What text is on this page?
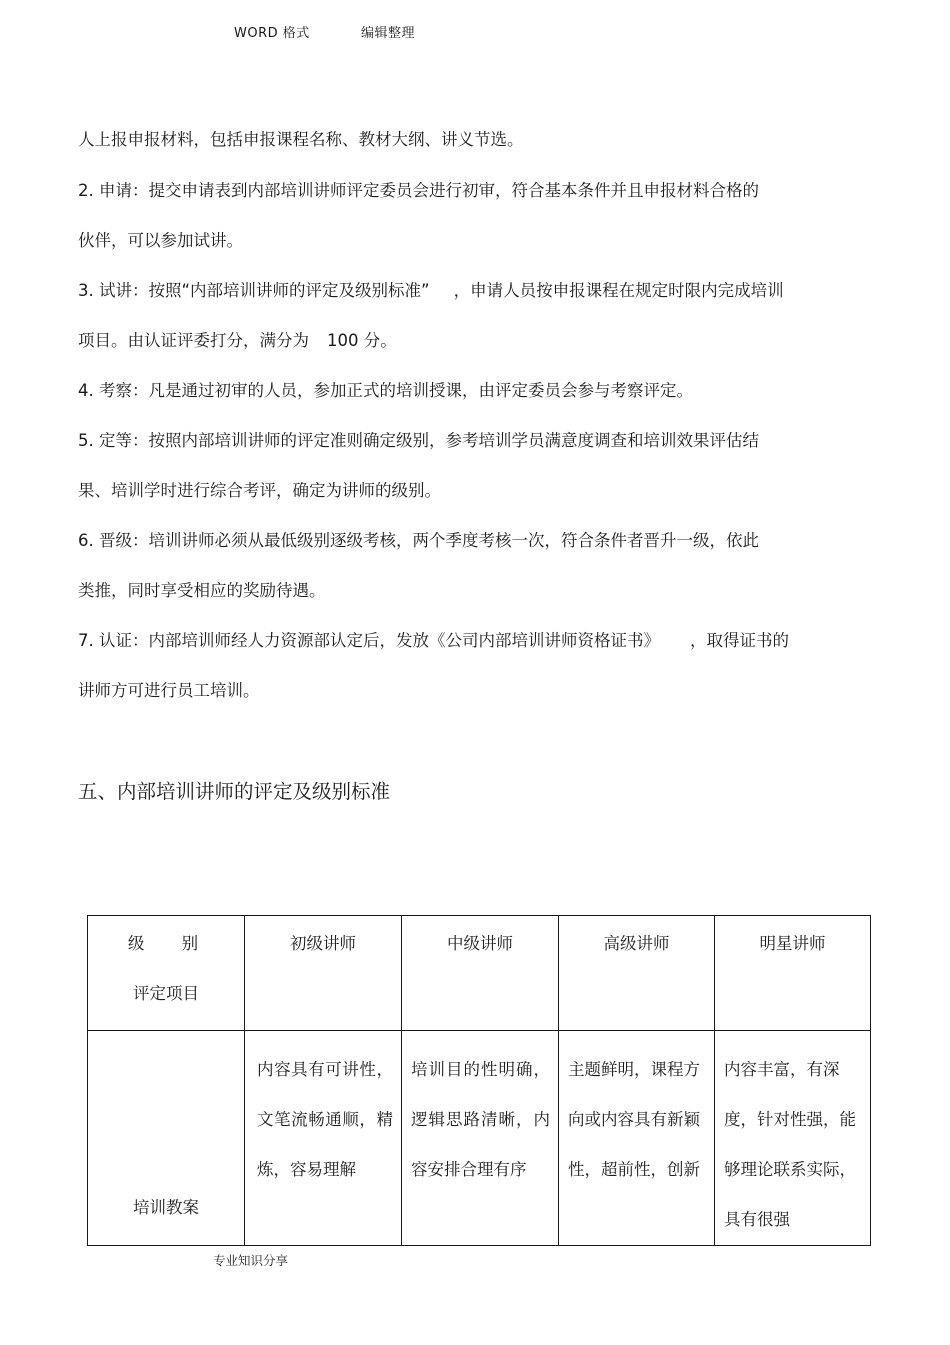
WORD 格式	编辑整理
人上报申报材料，包括申报课程名称、教材大纲、讲义节选。
2. 申请：提交申请表到内部培训讲师评定委员会进行初审，符合基本条件并且申报材料合格的
伙伴，可以参加试讲。
3. 试讲：按照“内部培训讲师的评定及级别标准” ，申请人员按申报课程在规定时限内完成培训
项目。由认证评委打分，满分为 100 分。
4. 考察：凡是通过初审的人员，参加正式的培训授课，由评定委员会参与考察评定。
5. 定等：按照内部培训讲师的评定准则确定级别，参考培训学员满意度调查和培训效果评估结
果、培训学时进行综合考评，确定为讲师的级别。
6. 晋级：培训讲师必须从最低级别逐级考核，两个季度考核一次，符合条件者晋升一级，依此
类推，同时享受相应的奖励待遇。
7. 认证：内部培训师经人力资源部认定后，发放《公司内部培训讲师资格证书》 ，取得证书的
讲师方可进行员工培训。
五、内部培训讲师的评定及级别标准
级 别
评定项目	初级讲师	中级讲师	高级讲师	明星讲师

培训教案	内容具有可讲性，文笔流畅通顺，精炼，容易理解	培训目的性明确，逻辑思路清晰，内容安排合理有序	主题鲜明，课程方向或内容具有新颖性，超前性，创新	内容丰富，有深度，针对性强，能够理论联系实际，具有很强
专业知识分享
